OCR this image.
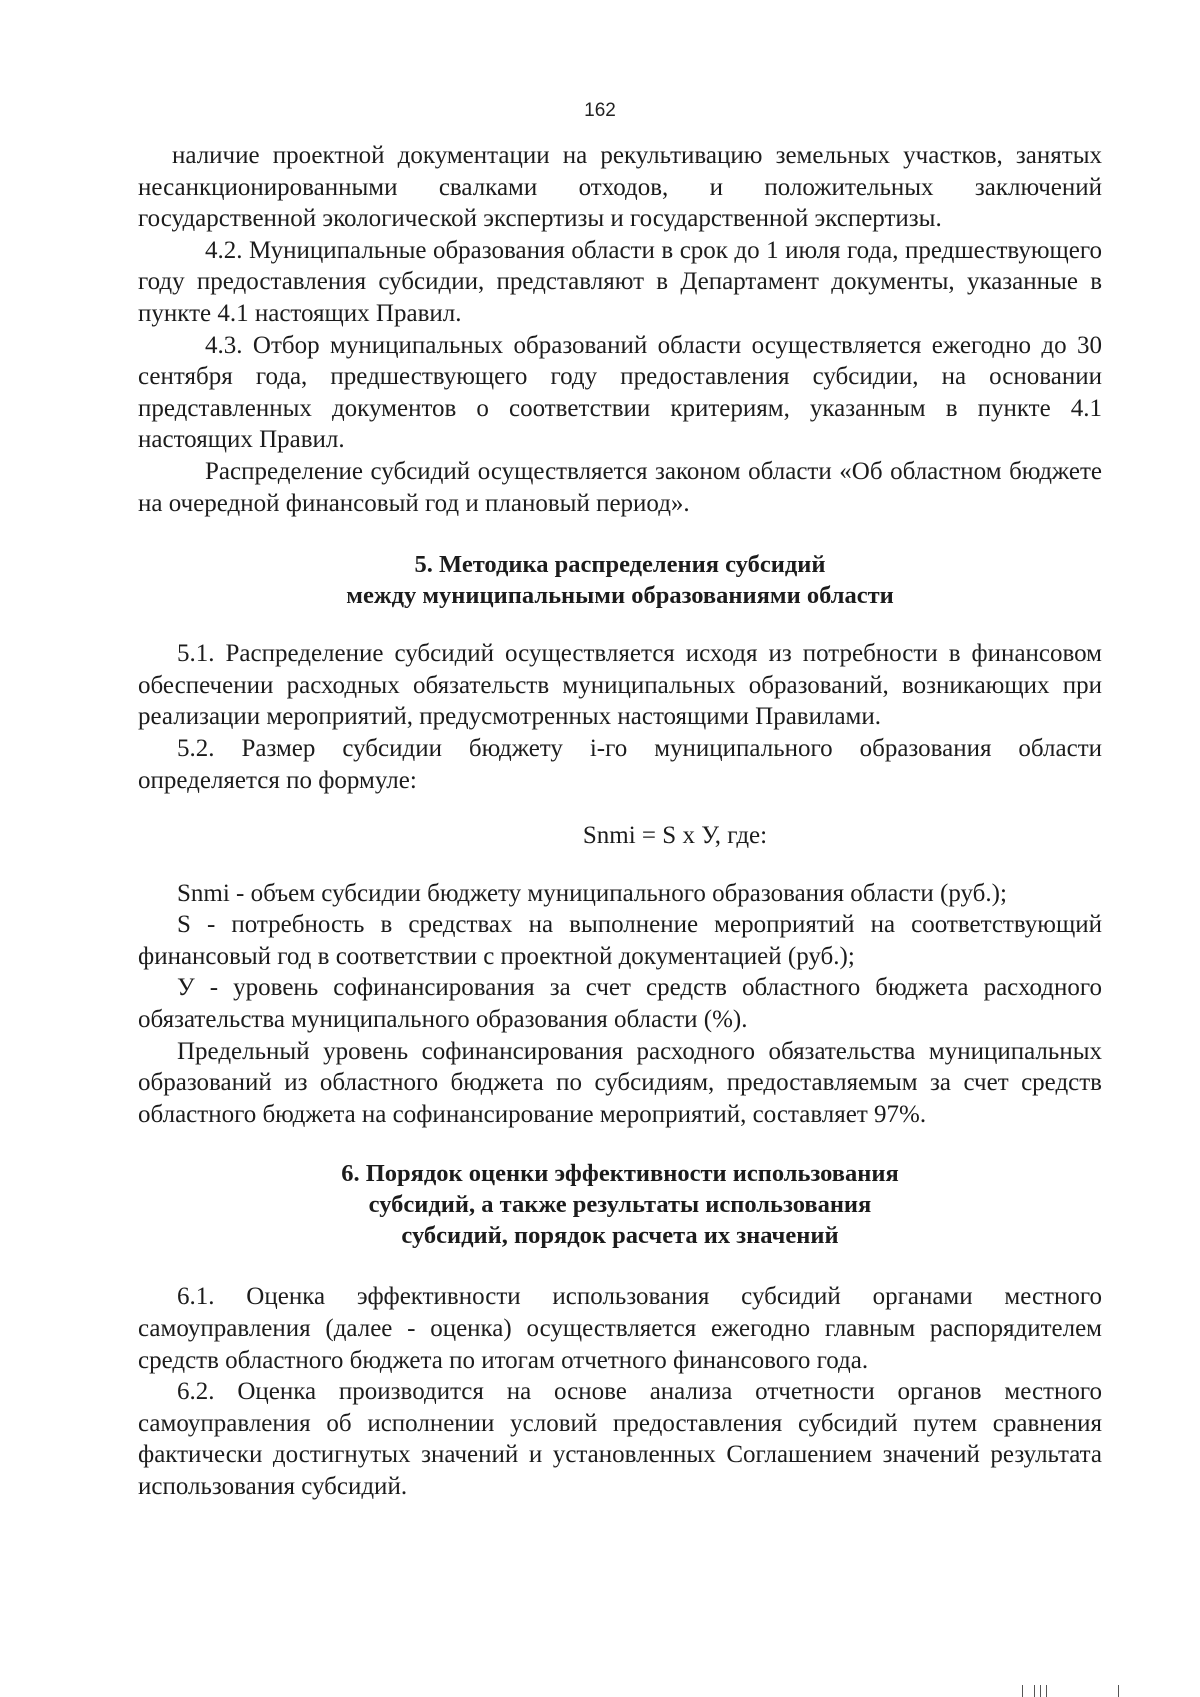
162

наличие проектной документации на рекультивацию земельных участков, занятых несанкционированными свалками отходов, и положительных заключений государственной экологической экспертизы и государственной экспертизы.

4.2. Муниципальные образования области в срок до 1 июля года, предшествующего году предоставления субсидии, представляют в Департамент документы, указанные в пункте 4.1 настоящих Правил.

4.3. Отбор муниципальных образований области осуществляется ежегодно до 30 сентября года, предшествующего году предоставления субсидии, на основании представленных документов о соответствии критериям, указанным в пункте 4.1 настоящих Правил.

Распределение субсидий осуществляется законом области «Об областном бюджете на очередной финансовый год и плановый период».

5. Методика распределения субсидий

между муниципальными образованиями области

5.1. Распределение субсидий осуществляется исходя из потребности в финансовом обеспечении расходных обязательств муниципальных образований, возникающих при реализации мероприятий, предусмотренных настоящими Правилами.

5.2. Размер субсидии бюджету i-го муниципального образования области определяется по формуле:

Snmi = S x У, где:

Snmi - объем субсидии бюджету муниципального образования области (руб.);

S - потребность в средствах на выполнение мероприятий на соответствующий финансовый год в соответствии с проектной документацией (руб.);

У - уровень софинансирования за счет средств областного бюджета расходного обязательства муниципального образования области (%).

Предельный уровень софинансирования расходного обязательства муниципальных образований из областного бюджета по субсидиям, предоставляемым за счет средств областного бюджета на софинансирование мероприятий, составляет 97%.

6. Порядок оценки эффективности использования

субсидий, а также результаты использования

субсидий, порядок расчета их значений

6.1. Оценка эффективности использования субсидий органами местного самоуправления (далее - оценка) осуществляется ежегодно главным распорядителем средств областного бюджета по итогам отчетного финансового года.

6.2. Оценка производится на основе анализа отчетности органов местного самоуправления об исполнении условий предоставления субсидий путем сравнения фактически достигнутых значений и установленных Соглашением значений результата использования субсидий.
